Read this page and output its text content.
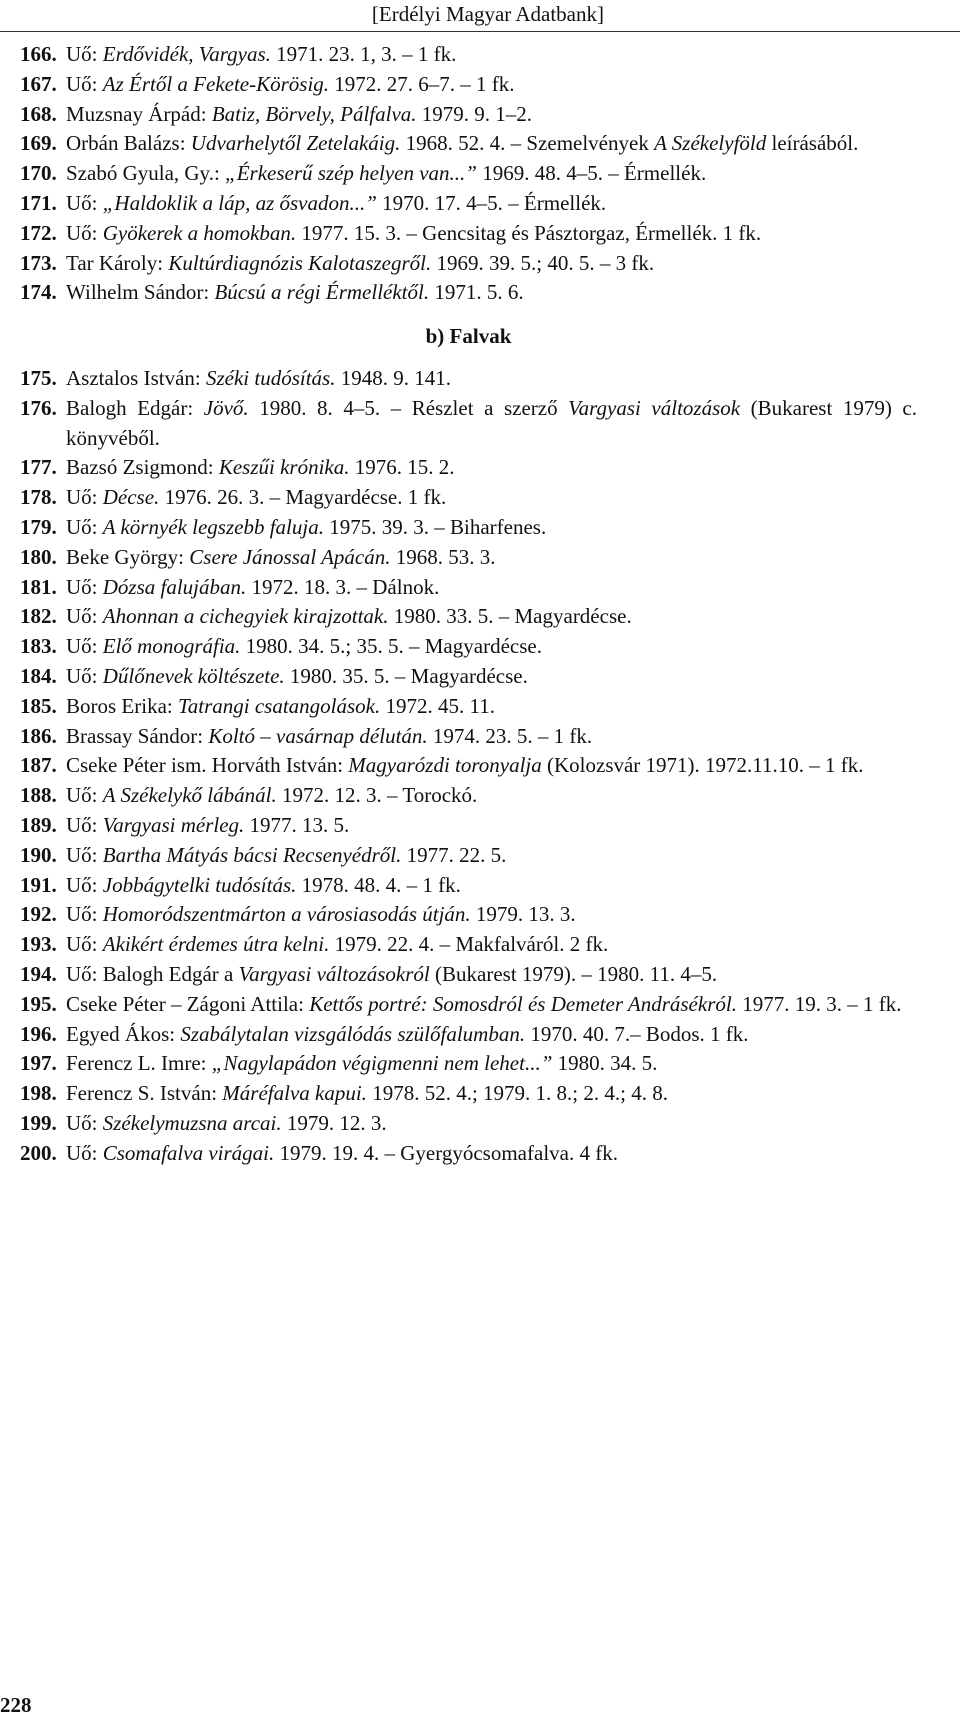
[Erdélyi Magyar Adatbank]
166. Uő: Erdővidék, Vargyas. 1971. 23. 1, 3. – 1 fk.
167. Uő: Az Értől a Fekete-Körösig. 1972. 27. 6–7. – 1 fk.
168. Muzsnay Árpád: Batiz, Börvely, Pálfalva. 1979. 9. 1–2.
169. Orbán Balázs: Udvarhelytől Zetelakáig. 1968. 52. 4. – Szemelvények A Székelyföld leírásából.
170. Szabó Gyula, Gy.: „Érkeserű szép helyen van...” 1969. 48. 4–5. – Érmellék.
171. Uő: „Haldoklik a láp, az ősvadon...” 1970. 17. 4–5. – Érmellék.
172. Uő: Gyökerek a homokban. 1977. 15. 3. – Gencsitag és Pásztorgaz, Érmellék. 1 fk.
173. Tar Károly: Kultúrdiagnózis Kalotaszegről. 1969. 39. 5.; 40. 5. – 3 fk.
174. Wilhelm Sándor: Búcsú a régi Érmelléktől. 1971. 5. 6.
b) Falvak
175. Asztalos István: Széki tudósítás. 1948. 9. 141.
176. Balogh Edgár: Jövő. 1980. 8. 4–5. – Részlet a szerző Vargyasi változások (Bukarest 1979) c. könyvéből.
177. Bazsó Zsigmond: Keszűi krónika. 1976. 15. 2.
178. Uő: Décse. 1976. 26. 3. – Magyardécse. 1 fk.
179. Uő: A környék legszebb faluja. 1975. 39. 3. – Biharfenes.
180. Beke György: Csere Jánossal Apácán. 1968. 53. 3.
181. Uő: Dózsa falujában. 1972. 18. 3. – Dálnok.
182. Uő: Ahonnan a cichegyiek kirajzottak. 1980. 33. 5. – Magyardécse.
183. Uő: Elő monográfia. 1980. 34. 5.; 35. 5. – Magyardécse.
184. Uő: Dűlőnevek költészete. 1980. 35. 5. – Magyardécse.
185. Boros Erika: Tatrangi csatangolások. 1972. 45. 11.
186. Brassay Sándor: Koltó – vasárnap délután. 1974. 23. 5. – 1 fk.
187. Cseke Péter ism. Horváth István: Magyarózdi toronyalja (Kolozsvár 1971). 1972.11.10. – 1 fk.
188. Uő: A Székelykő lábánál. 1972. 12. 3. – Torockó.
189. Uő: Vargyasi mérleg. 1977. 13. 5.
190. Uő: Bartha Mátyás bácsi Recsenyédről. 1977. 22. 5.
191. Uő: Jobbágytelki tudósítás. 1978. 48. 4. – 1 fk.
192. Uő: Homoródszentmárton a városiasodás útján. 1979. 13. 3.
193. Uő: Akikért érdemes útra kelni. 1979. 22. 4. – Makfalváról. 2 fk.
194. Uő: Balogh Edgár a Vargyasi változásokról (Bukarest 1979). – 1980. 11. 4–5.
195. Cseke Péter – Zágoni Attila: Kettős portré: Somosdról és Demeter Andrásékról. 1977. 19. 3. – 1 fk.
196. Egyed Ákos: Szabálytalan vizsgálódás szülőfalumban. 1970. 40. 7.– Bodos. 1 fk.
197. Ferencz L. Imre: „Nagylapádon végigmenni nem lehet...” 1980. 34. 5.
198. Ferencz S. István: Máréfalva kapui. 1978. 52. 4.; 1979. 1. 8.; 2. 4.; 4. 8.
199. Uő: Székelymuzsna arcai. 1979. 12. 3.
200. Uő: Csomafalva virágai. 1979. 19. 4. – Gyergyócsomafalva. 4 fk.
228
